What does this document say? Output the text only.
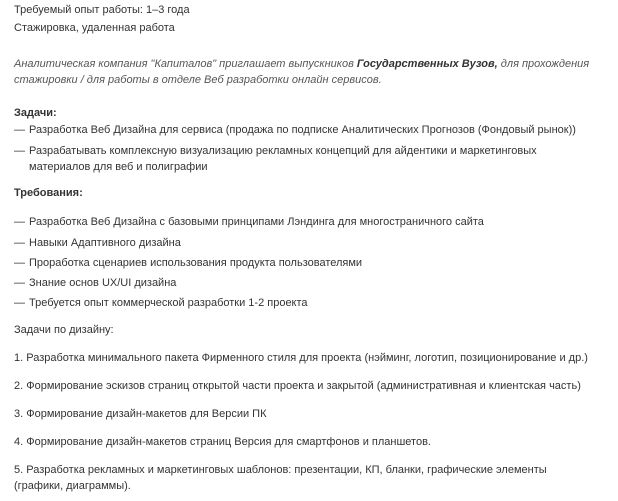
Требуемый опыт работы: 1–3 года
Стажировка, удаленная работа
Аналитическая компания "Капиталов" приглашает выпускников Государственных Вузов, для прохождения стажировки / для работы в отделе Веб разработки онлайн сервисов.
Задачи:
— Разработка Веб Дизайна для сервиса (продажа по подписке Аналитических Прогнозов (Фондовый рынок))
— Разрабатывать комплексную визуализацию рекламных концепций для айдентики и маркетинговых материалов для веб и полиграфии
Требования:
— Разработка Веб Дизайна с базовыми принципами Лэндинга для многостраничного сайта
— Навыки Адаптивного дизайна
— Проработка сценариев использования продукта пользователями
— Знание основ UX/UI дизайна
— Требуется опыт коммерческой разработки 1-2 проекта
Задачи по дизайну:
1. Разработка минимального пакета Фирменного стиля для проекта (нэйминг, логотип, позиционирование и др.)
2. Формирование эскизов страниц открытой части проекта и закрытой (административная и клиентская часть)
3. Формирование дизайн-макетов для Версии ПК
4. Формирование дизайн-макетов страниц Версия для смартфонов и планшетов.
5. Разработка рекламных и маркетинговых шаблонов: презентации, КП, бланки, графические элементы (графики, диаграммы).
